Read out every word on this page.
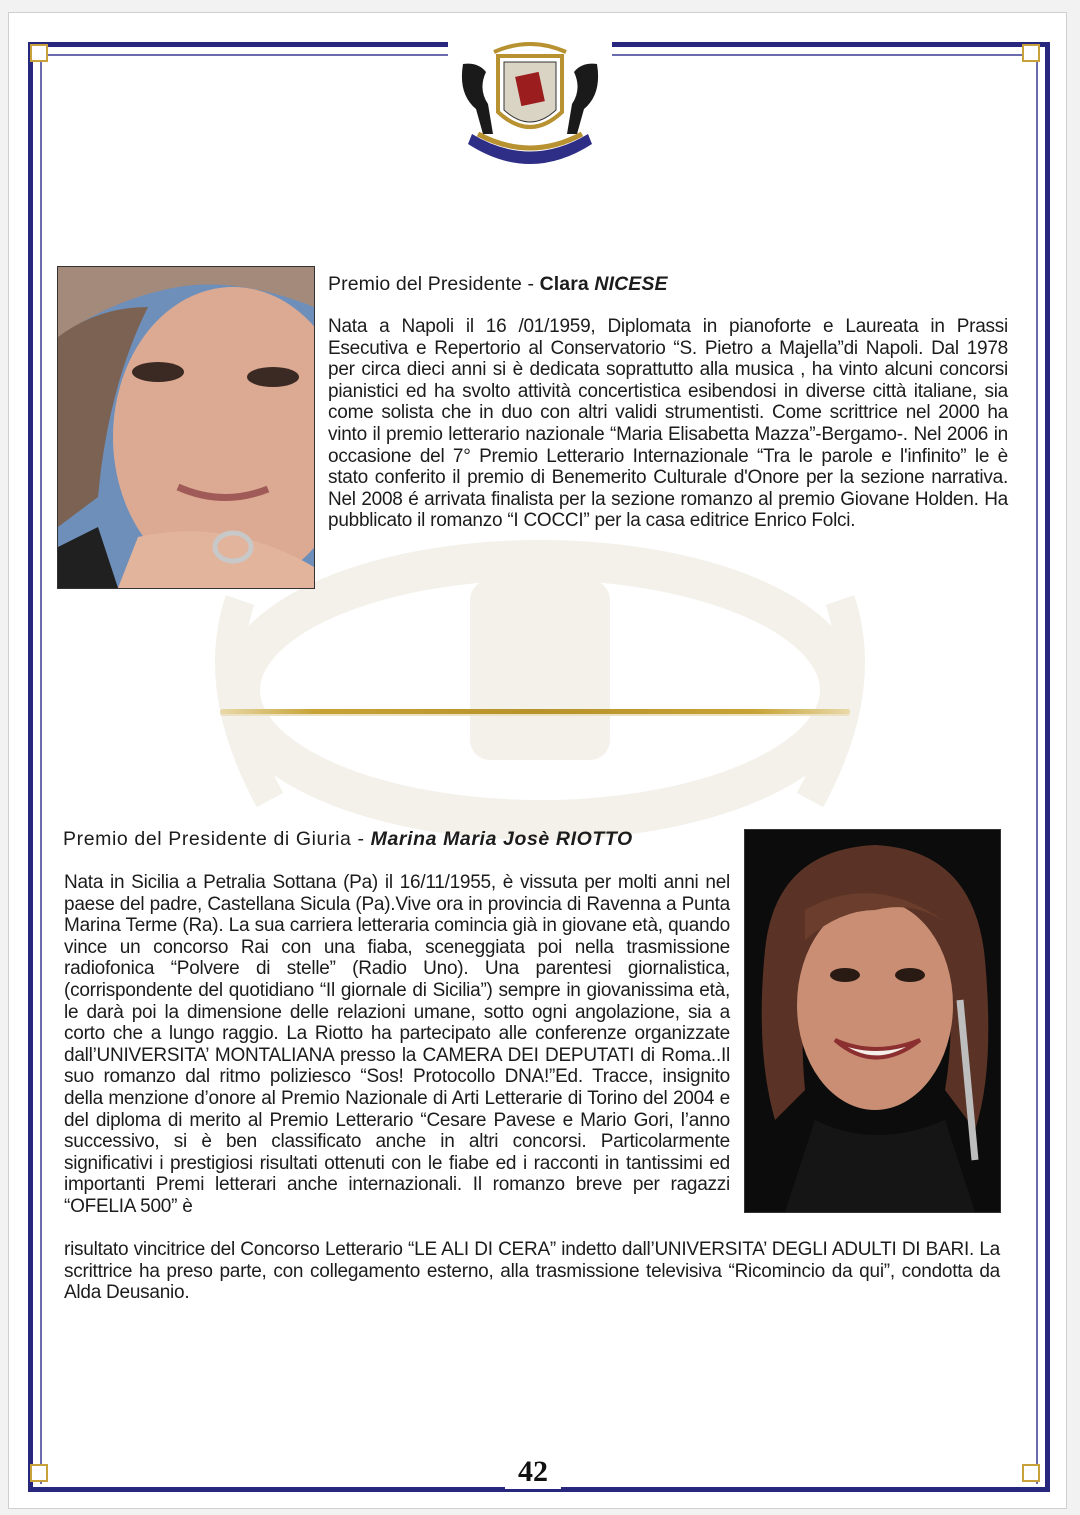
Premio del Presidente - Clara NICESE
Nata a Napoli il 16 /01/1959, Diplomata in pianoforte e Laureata in Prassi Esecutiva e Repertorio al Conservatorio “S. Pietro a Majella”di Napoli. Dal 1978 per circa dieci anni si è dedicata soprattutto alla musica , ha vinto alcuni concorsi pianistici ed ha svolto attività concertistica esibendosi in diverse città italiane, sia come solista che in duo con altri validi strumentisti. Come scrittrice nel 2000 ha vinto il premio letterario nazionale “Maria Elisabetta Mazza”-Bergamo-. Nel 2006 in occasione del 7° Premio Letterario Internazionale “Tra le parole e l'infinito” le è stato conferito il premio di Benemerito Culturale d'Onore per la sezione narrativa. Nel 2008 é arrivata finalista per la sezione romanzo al premio Giovane Holden. Ha pubblicato il romanzo “I COCCI” per la casa editrice Enrico Folci.
Premio del Presidente di Giuria - Marina Maria Josè RIOTTO
Nata in Sicilia a Petralia Sottana (Pa) il 16/11/1955, è vissuta per molti anni nel paese del padre, Castellana Sicula (Pa).Vive ora in provincia di Ravenna a Punta Marina Terme (Ra). La sua carriera letteraria comincia già in giovane età, quando vince un concorso Rai con una fiaba, sceneggiata poi nella trasmissione radiofonica “Polvere di stelle” (Radio Uno). Una parentesi giornalistica, (corrispondente del quotidiano “Il giornale di Sicilia”) sempre in giovanissima età, le darà poi la dimensione delle relazioni umane, sotto ogni angolazione, sia a corto che a lungo raggio. La Riotto ha partecipato alle conferenze organizzate dall’UNIVERSITA’ MONTALIANA presso la CAMERA DEI DEPUTATI di Roma..Il suo romanzo dal ritmo poliziesco “Sos! Protocollo DNA!”Ed. Tracce, insignito della menzione d’onore al Premio Nazionale di Arti Letterarie di Torino del 2004 e del diploma di merito al Premio Letterario “Cesare Pavese e Mario Gori, l’anno successivo, si è ben classificato anche in altri concorsi. Particolarmente significativi i prestigiosi risultati ottenuti con le fiabe ed i racconti in tantissimi ed importanti Premi letterari anche internazionali. Il romanzo breve per ragazzi “OFELIA 500” è
risultato vincitrice del Concorso Letterario “LE ALI DI CERA” indetto dall’UNIVERSITA’ DEGLI ADULTI DI BARI. La scrittrice ha preso parte, con collegamento esterno, alla trasmissione televisiva “Ricomincio da qui”, condotta da Alda Deusanio.
42
